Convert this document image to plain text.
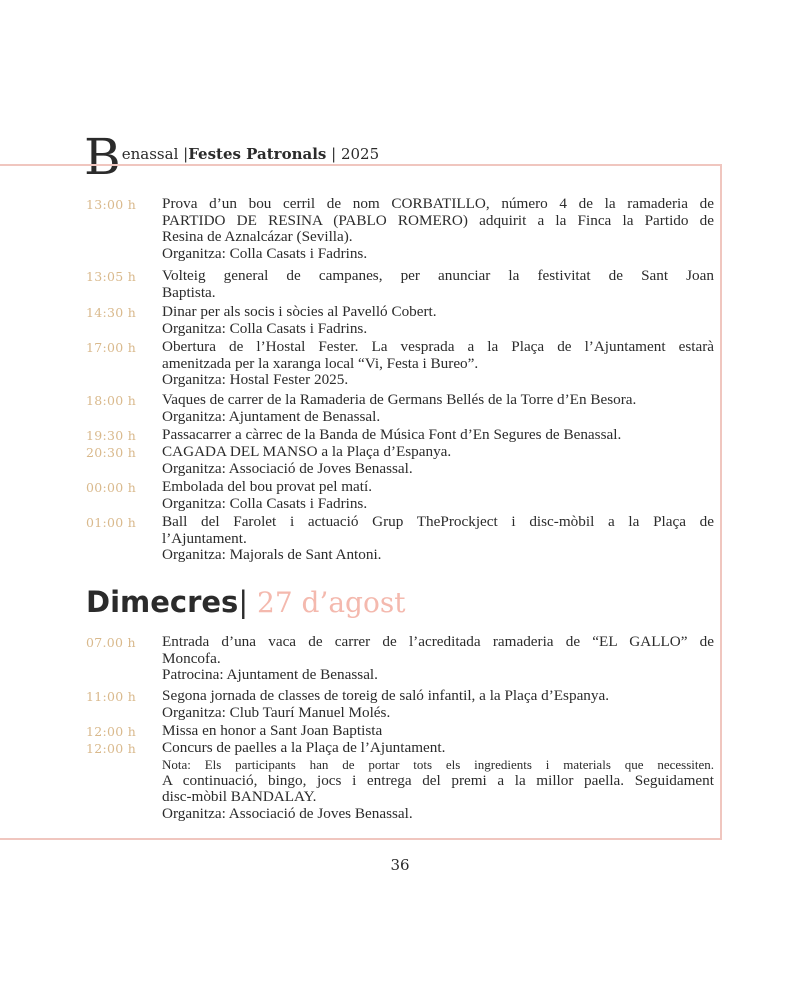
B enassal |Festes Patronals | 2025
13:00 h	Prova d’un bou cerril de nom CORBATILLO, número 4 de la ramaderia de
PARTIDO DE RESINA (PABLO ROMERO) adquirit a la Finca la Partido de
Resina de Aznalcázar (Sevilla).
Organitza: Colla Casats i Fadrins.
13:05 h	Volteig general de campanes, per anunciar la festivitat de Sant Joan
Baptista.
14:30 h	Dinar per als socis i sòcies al Pavelló Cobert.
Organitza: Colla Casats i Fadrins.
17:00 h	Obertura de l’Hostal Fester. La vesprada a la Plaça de l’Ajuntament estarà
amenitzada per la xaranga local “Vi, Festa i Bureo”.
Organitza: Hostal Fester 2025.
18:00 h	Vaques de carrer de la Ramaderia de Germans Bellés de la Torre d’En Besora.
Organitza: Ajuntament de Benassal.
19:30 h	Passacarrer a càrrec de la Banda de Música Font d’En Segures de Benassal.
20:30 h	CAGADA DEL MANSO a la Plaça d’Espanya.
Organitza: Associació de Joves Benassal.
00:00 h	Embolada del bou provat pel matí.
Organitza: Colla Casats i Fadrins.
01:00 h	Ball del Farolet i actuació Grup TheProckject i disc-mòbil a la Plaça de
l’Ajuntament.
Organitza: Majorals de Sant Antoni.
Dimecres| 27 d’agost
07.00 h	Entrada d’una vaca de carrer de l’acreditada ramaderia de “EL GALLO” de
Moncofa.
Patrocina: Ajuntament de Benassal.
11:00 h	Segona jornada de classes de toreig de saló infantil, a la Plaça d’Espanya.
Organitza: Club Taurí Manuel Molés.
12:00 h	Missa en honor a Sant Joan Baptista
12:00 h	Concurs de paelles a la Plaça de l’Ajuntament.
Nota: Els participants han de portar tots els ingredients i materials que necessiten.
A continuació, bingo, jocs i entrega del premi a la millor paella. Seguidament
disc-mòbil BANDALAY.
Organitza: Associació de Joves Benassal.
36
